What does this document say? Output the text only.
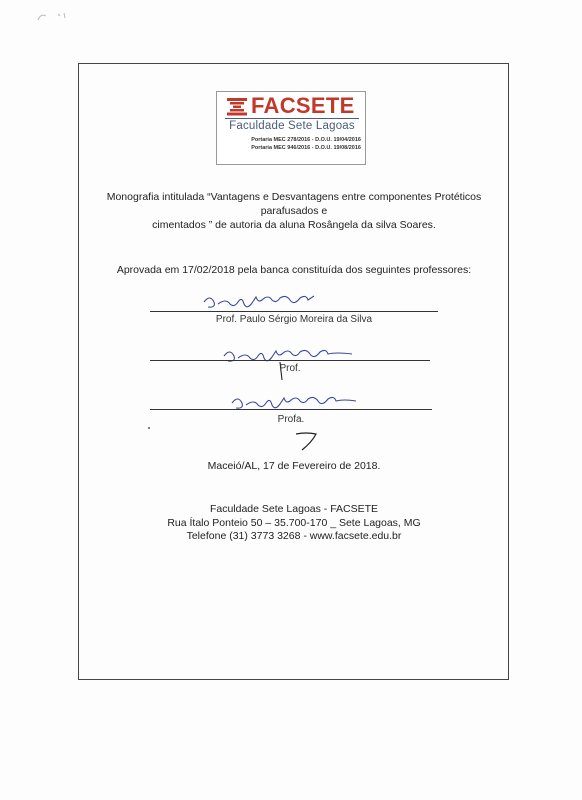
FACSETE
Faculdade Sete Lagoas
Portaria MEC 278/2016 - D.O.U. 19/04/2016
Portaria MEC 946/2016 - D.O.U. 19/08/2016
Monografia intitulada “Vantagens e Desvantagens entre componentes Protéticos parafusados e
cimentados ” de autoria da aluna Rosângela da silva Soares.
Aprovada em 17/02/2018 pela banca constituída dos seguintes professores:
Prof. Paulo Sérgio Moreira da Silva
Prof.
Profa.
Maceió/AL, 17 de Fevereiro de 2018.
Faculdade Sete Lagoas - FACSETE
Rua Ítalo Ponteio 50 – 35.700-170 _ Sete Lagoas, MG
Telefone (31) 3773 3268 - www.facsete.edu.br
